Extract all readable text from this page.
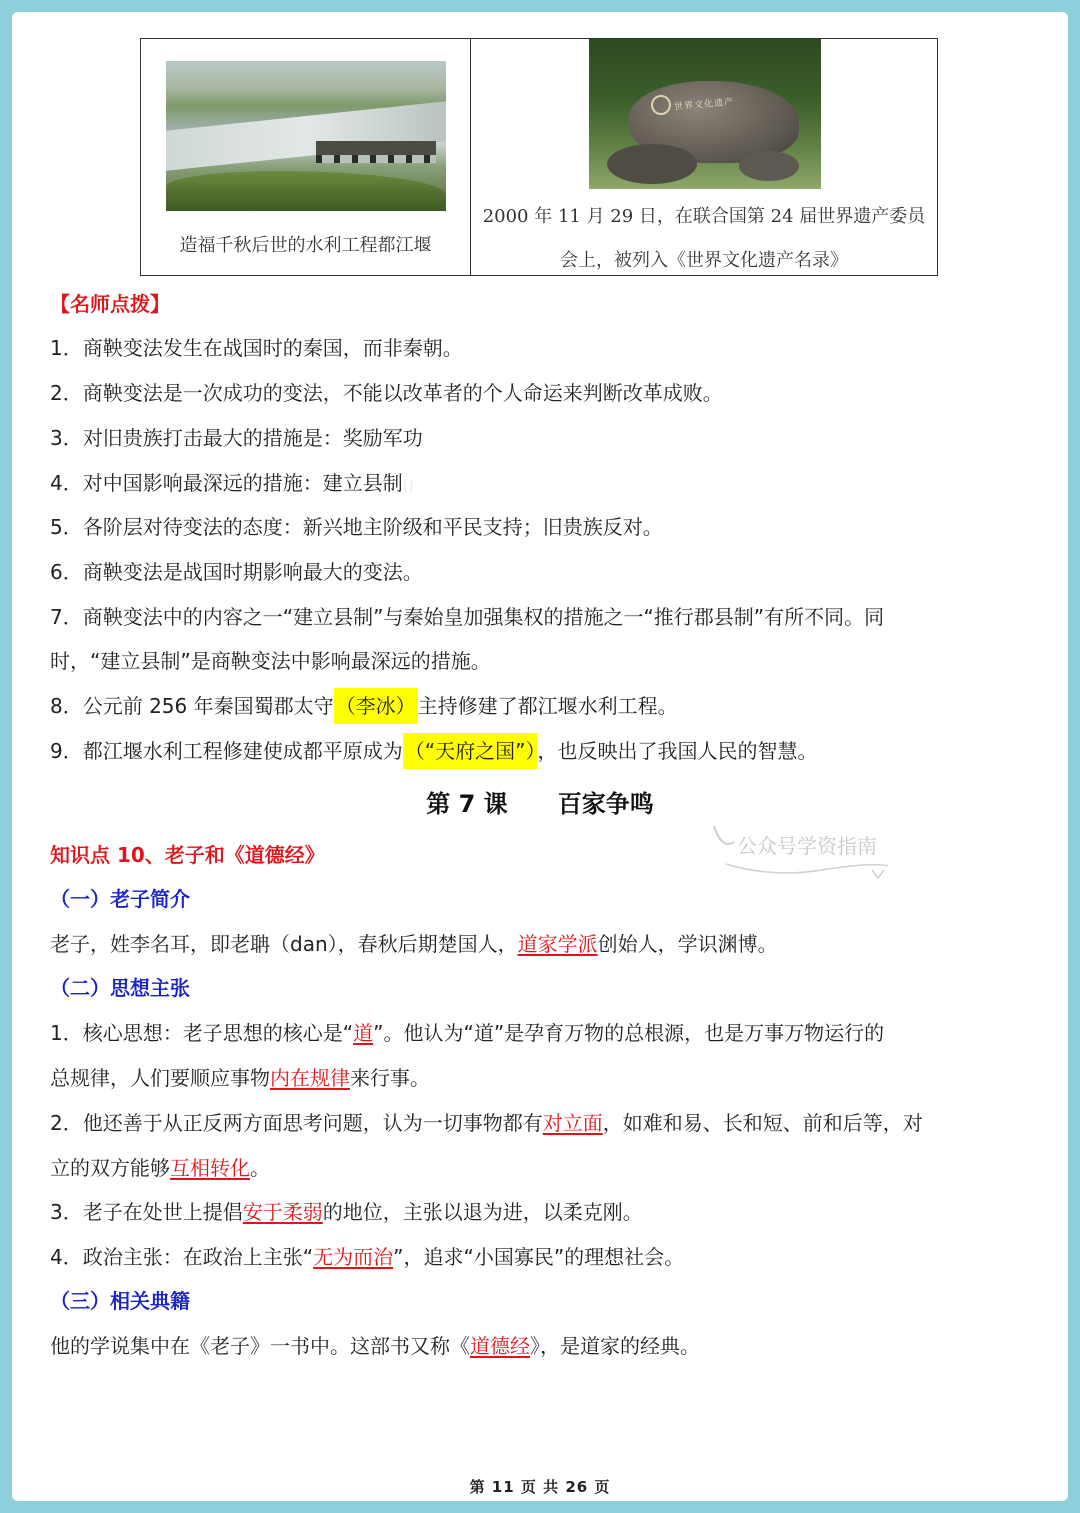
造福千秋后世的水利工程都江堰
世界文化遗产
2000 年 11 月 29 日，在联合国第 24 届世界遗产委员
会上，被列入《世界文化遗产名录》
【名师点拨】
1．商鞅变法发生在战国时的秦国，而非秦朝。
2．商鞅变法是一次成功的变法，不能以改革者的个人命运来判断改革成败。
3．对旧贵族打击最大的措施是：奖励军功
4．对中国影响最深远的措施：建立县制()
5．各阶层对待变法的态度：新兴地主阶级和平民支持；旧贵族反对。
6．商鞅变法是战国时期影响最大的变法。
7．商鞅变法中的内容之一“建立县制”与秦始皇加强集权的措施之一“推行郡县制”有所不同。同
时，“建立县制”是商鞅变法中影响最深远的措施。
8．公元前 256 年秦国蜀郡太守 （李冰） 主持修建了都江堰水利工程。
9．都江堰水利工程修建使成都平原成为 （“天府之国”） ，也反映出了我国人民的智慧。
第 7 课      百家争鸣
公众号学资指南
知识点 10、老子和《道德经》
（一）老子简介
老子，姓李名耳，即老聃（dan），春秋后期楚国人，道家学派创始人，学识渊博。
（二）思想主张
1．核心思想：老子思想的核心是“道”。他认为“道”是孕育万物的总根源，也是万事万物运行的
总规律，人们要顺应事物内在规律来行事。
2．他还善于从正反两方面思考问题，认为一切事物都有对立面，如难和易、长和短、前和后等，对
立的双方能够互相转化。
3．老子在处世上提倡安于柔弱的地位，主张以退为进，以柔克刚。
4．政治主张：在政治上主张“无为而治”，追求“小国寡民”的理想社会。
（三）相关典籍
他的学说集中在《老子》一书中。这部书又称《道德经》，是道家的经典。
第 11 页 共 26 页
